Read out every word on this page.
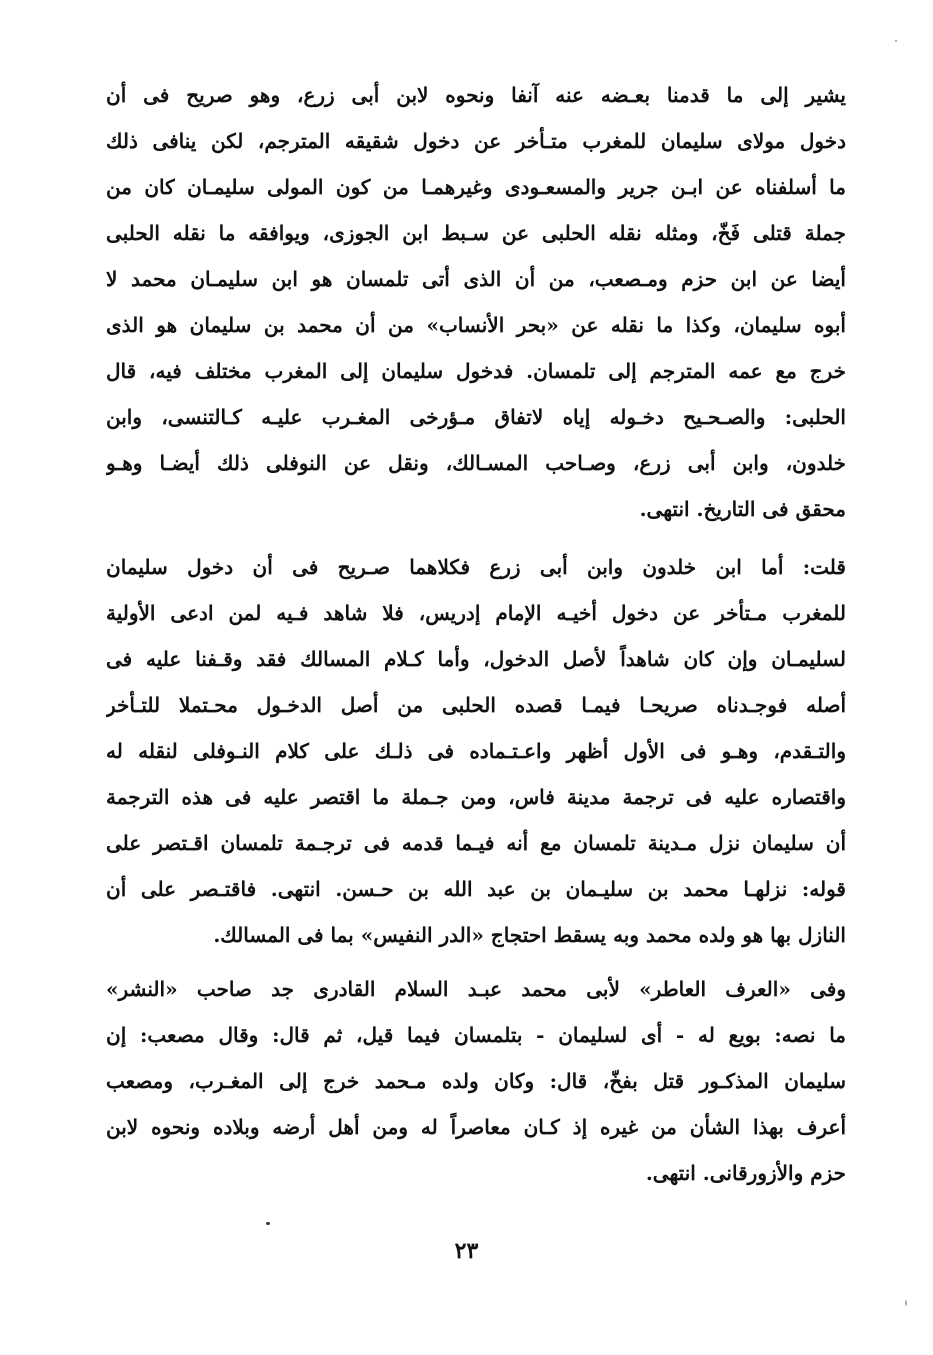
يشير إلى ما قدمنا بعـضه عنه آنفا ونحوه لابن أبى زرع، وهو صريح فى أن
دخول مولاى سليمان للمغرب متـأخر عن دخول شقيقه المترجم، لكن ينافى ذلك
ما أسلفناه عن ابـن جرير والمسعـودى وغيرهمـا من كون المولى سليمـان كان من
جملة قتلى فَخّ، ومثله نقله الحلبى عن سـبط ابن الجوزى، ويوافقه ما نقله الحلبى
أيضا عن ابن حزم ومـصعب، من أن الذى أتى تلمسان هو ابن سليمـان محمد لا
أبوه سليمان، وكذا ما نقله عن «بحر الأنساب» من أن محمد بن سليمان هو الذى
خرج مع عمه المترجم إلى تلمسان. فدخول سليمان إلى المغرب مختلف فيه، قال
الحلبى: والصـحـيح دخـوله إياه لاتفاق مـؤرخى المغـرب عليـه كـالتنسى، وابن
خلدون، وابن أبى زرع، وصـاحب المسـالك، ونقل عن النوفلى ذلك أيضـا وهـو
محقق فى التاريخ. انتهى.
قلت: أما ابن خلدون وابن أبى زرع فكلاهما صـريح فى أن دخول سليمان
للمغرب مـتأخر عن دخول أخيـه الإمام إدريس، فلا شاهد فـيه لمن ادعى الأولية
لسليمـان وإن كان شاهداً لأصل الدخول، وأما كـلام المسالك فقد وقـفنا عليه فى
أصله فوجـدناه صريحـا فيمـا قصده الحلبى من أصل الدخـول محـتملا للتـأخر
والتـقدم، وهـو فى الأول أظهر واعـتـماده فى ذلـك على كلام النـوفلى لنقله له
واقتصاره عليه فى ترجمة مدينة فاس، ومن جـملة ما اقتصر عليه فى هذه الترجمة
أن سليمان نزل مـدينة تلمسان مع أنه فيـما قدمه فى ترجـمة تلمسان اقـتصر على
قوله: نزلهـا محمد بن سليـمان بن عبد الله بن حـسن. انتهى. فاقتـصر على أن
النازل بها هو ولده محمد وبه يسقط احتجاج «الدر النفيس» بما فى المسالك.
وفى «العرف العاطر» لأبى محمد عبـد السلام القادرى جد صاحب «النشر»
ما نصه: بويع له - أى لسليمان - بتلمسان فيما قيل، ثم قال: وقال مصعب: إن
سليمان المذكـور قتل بفخّ، قال: وكان ولده مـحمد خرج إلى المغـرب، ومصعب
أعرف بهذا الشأن من غيره إذ كـان معاصراً له ومن أهل أرضه وبلاده ونحوه لابن
حزم والأزورقانى. انتهى.
٢٣
